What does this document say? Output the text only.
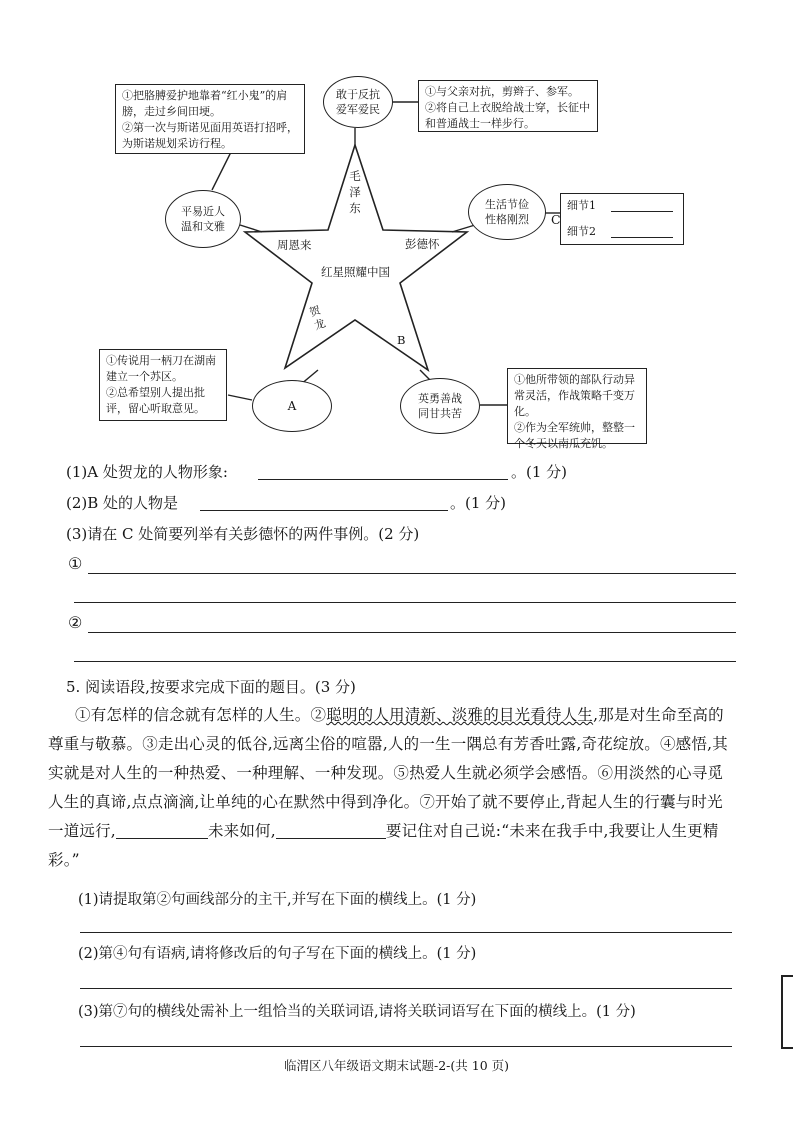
毛泽东
周恩来	彭德怀
红星照耀中国
贺龙
B
①把胳膊爱护地靠着“红小鬼”的肩膀，走过乡间田埂。
②第一次与斯诺见面用英语打招呼，为斯诺规划采访行程。
①与父亲对抗，剪辫子、参军。
②将自己上衣脱给战士穿，长征中和普通战士一样步行。
①传说用一柄刀在湖南建立一个苏区。
②总希望别人提出批评，留心听取意见。
①他所带领的部队行动异常灵活，作战策略千变万化。
②作为全军统帅，整整一个冬天以南瓜充饥。
细节1
细节2
敢于反抗
爱军爱民
平易近人
温和文雅
生活节俭
性格刚烈
A	英勇善战
同甘共苦
C
(1)A 处贺龙的人物形象:	。(1 分)
(2)B 处的人物是	。(1 分)
(3)请在 C 处简要列举有关彭德怀的两件事例。(2 分)
①
②
5. 阅读语段,按要求完成下面的题目。(3 分)
①有怎样的信念就有怎样的人生。②聪明的人用清新、淡雅的目光看待人生,那是对生命至高的尊重与敬慕。③走出心灵的低谷,远离尘俗的喧嚣,人的一生一隅总有芳香吐露,奇花绽放。④感悟,其实就是对人生的一种热爱、一种理解、一种发现。⑤热爱人生就必须学会感悟。⑥用淡然的心寻觅人生的真谛,点点滴滴,让单纯的心在默然中得到净化。⑦开始了就不要停止,背起人生的行囊与时光一道远行,	未来如何,	要记住对自己说:“未来在我手中,我要让人生更精彩。”
(1)请提取第②句画线部分的主干,并写在下面的横线上。(1 分)
(2)第④句有语病,请将修改后的句子写在下面的横线上。(1 分)
(3)第⑦句的横线处需补上一组恰当的关联词语,请将关联词语写在下面的横线上。(1 分)
临渭区八年级语文期末试题-2-(共 10 页)
